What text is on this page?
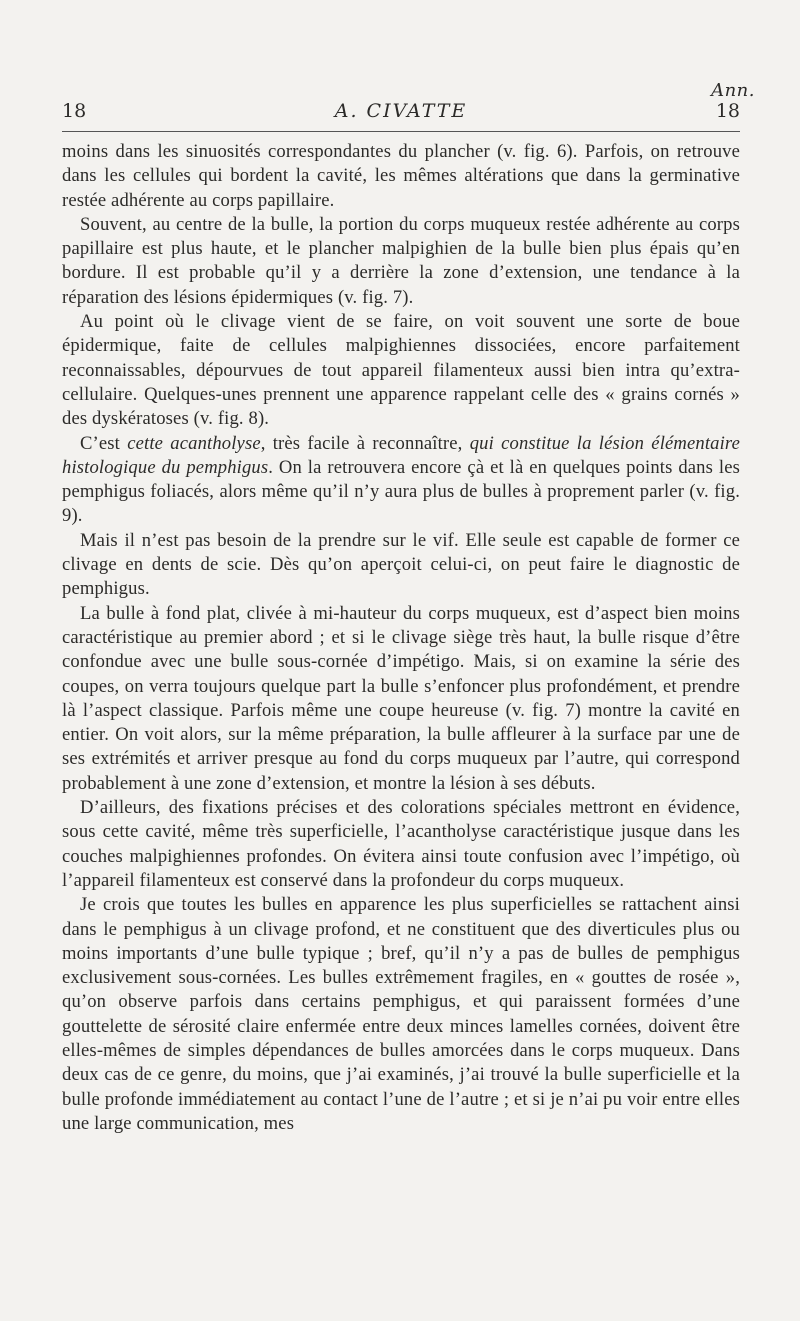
Ann.
18	A. CIVATTE	18

moins dans les sinuosités correspondantes du plancher (v. fig. 6). Parfois, on retrouve dans les cellules qui bordent la cavité, les mêmes altérations que dans la germinative restée adhérente au corps papillaire.

Souvent, au centre de la bulle, la portion du corps muqueux restée adhérente au corps papillaire est plus haute, et le plancher malpighien de la bulle bien plus épais qu’en bordure. Il est probable qu’il y a derrière la zone d’extension, une tendance à la réparation des lésions épidermiques (v. fig. 7).

Au point où le clivage vient de se faire, on voit souvent une sorte de boue épidermique, faite de cellules malpighiennes dissociées, encore parfaitement reconnaissables, dépourvues de tout appareil filamenteux aussi bien intra qu’extra-cellulaire. Quelques-unes prennent une apparence rappelant celle des « grains cornés » des dyskératoses (v. fig. 8).

C’est cette acantholyse, très facile à reconnaître, qui constitue la lésion élémentaire histologique du pemphigus. On la retrouvera encore çà et là en quelques points dans les pemphigus foliacés, alors même qu’il n’y aura plus de bulles à proprement parler (v. fig. 9).

Mais il n’est pas besoin de la prendre sur le vif. Elle seule est capable de former ce clivage en dents de scie. Dès qu’on aperçoit celui-ci, on peut faire le diagnostic de pemphigus.

La bulle à fond plat, clivée à mi-hauteur du corps muqueux, est d’aspect bien moins caractéristique au premier abord ; et si le clivage siège très haut, la bulle risque d’être confondue avec une bulle sous-cornée d’impétigo. Mais, si on examine la série des coupes, on verra toujours quelque part la bulle s’enfoncer plus profondément, et prendre là l’aspect classique. Parfois même une coupe heureuse (v. fig. 7) montre la cavité en entier. On voit alors, sur la même préparation, la bulle affleurer à la surface par une de ses extrémités et arriver presque au fond du corps muqueux par l’autre, qui correspond probablement à une zone d’extension, et montre la lésion à ses débuts.

D’ailleurs, des fixations précises et des colorations spéciales mettront en évidence, sous cette cavité, même très superficielle, l’acantholyse caractéristique jusque dans les couches malpighiennes profondes. On évitera ainsi toute confusion avec l’impétigo, où l’appareil filamenteux est conservé dans la profondeur du corps muqueux.

Je crois que toutes les bulles en apparence les plus superficielles se rattachent ainsi dans le pemphigus à un clivage profond, et ne constituent que des diverticules plus ou moins importants d’une bulle typique ; bref, qu’il n’y a pas de bulles de pemphigus exclusivement sous-cornées. Les bulles extrêmement fragiles, en « gouttes de rosée », qu’on observe parfois dans certains pemphigus, et qui paraissent formées d’une gouttelette de sérosité claire enfermée entre deux minces lamelles cornées, doivent être elles-mêmes de simples dépendances de bulles amorcées dans le corps muqueux. Dans deux cas de ce genre, du moins, que j’ai examinés, j’ai trouvé la bulle superficielle et la bulle profonde immédiatement au contact l’une de l’autre ; et si je n’ai pu voir entre elles une large communication, mes
